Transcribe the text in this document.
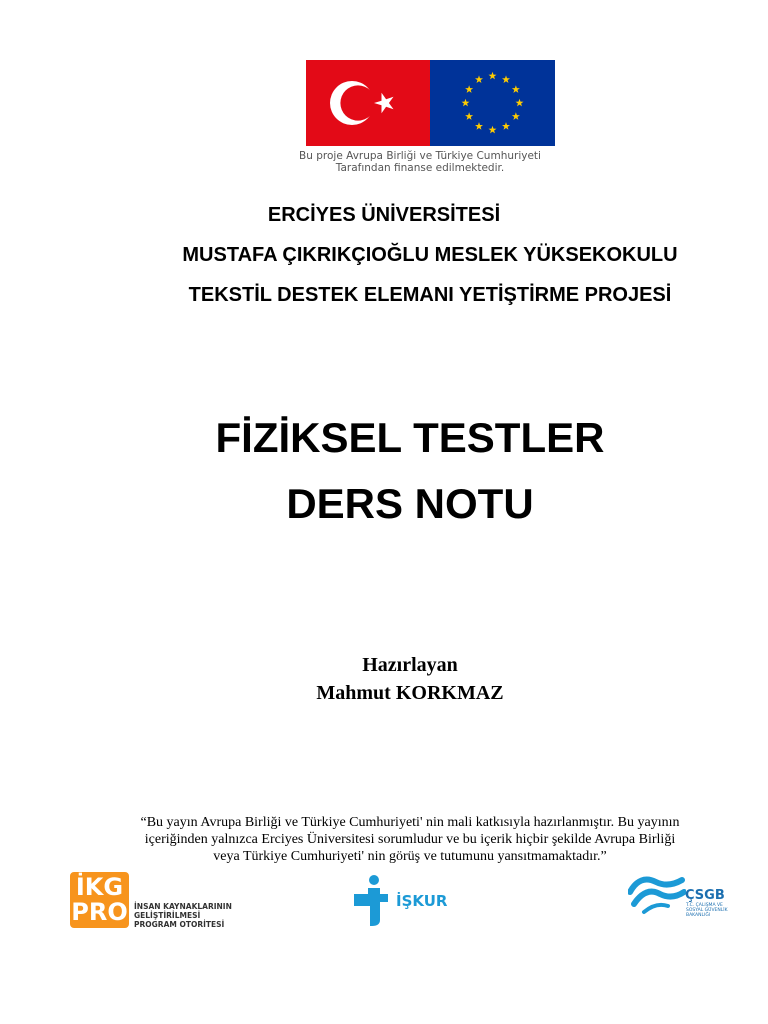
Bu proje Avrupa Birliği ve Türkiye Cumhuriyeti
Tarafından finanse edilmektedir.
ERCİYES ÜNİVERSİTESİ
MUSTAFA ÇIKRIKÇIOĞLU MESLEK YÜKSEKOKULU
TEKSTİL DESTEK ELEMANI YETİŞTİRME PROJESİ
FİZİKSEL TESTLER
DERS NOTU
Hazırlayan
Mahmut KORKMAZ
“Bu yayın Avrupa Birliği ve Türkiye Cumhuriyeti' nin mali katkısıyla hazırlanmıştır. Bu yayının
içeriğinden yalnızca Erciyes Üniversitesi sorumludur ve bu içerik hiçbir şekilde Avrupa Birliği
veya Türkiye Cumhuriyeti' nin görüş ve tutumunu yansıtmamaktadır.”
İKG
PRO İNSAN KAYNAKLARININ
GELİŞTİRİLMESİ
PROGRAM OTORİTESİ
İŞKUR	ÇSGB
T.C. ÇALIŞMA VE
SOSYAL GÜVENLİK
BAKANLIĞI
